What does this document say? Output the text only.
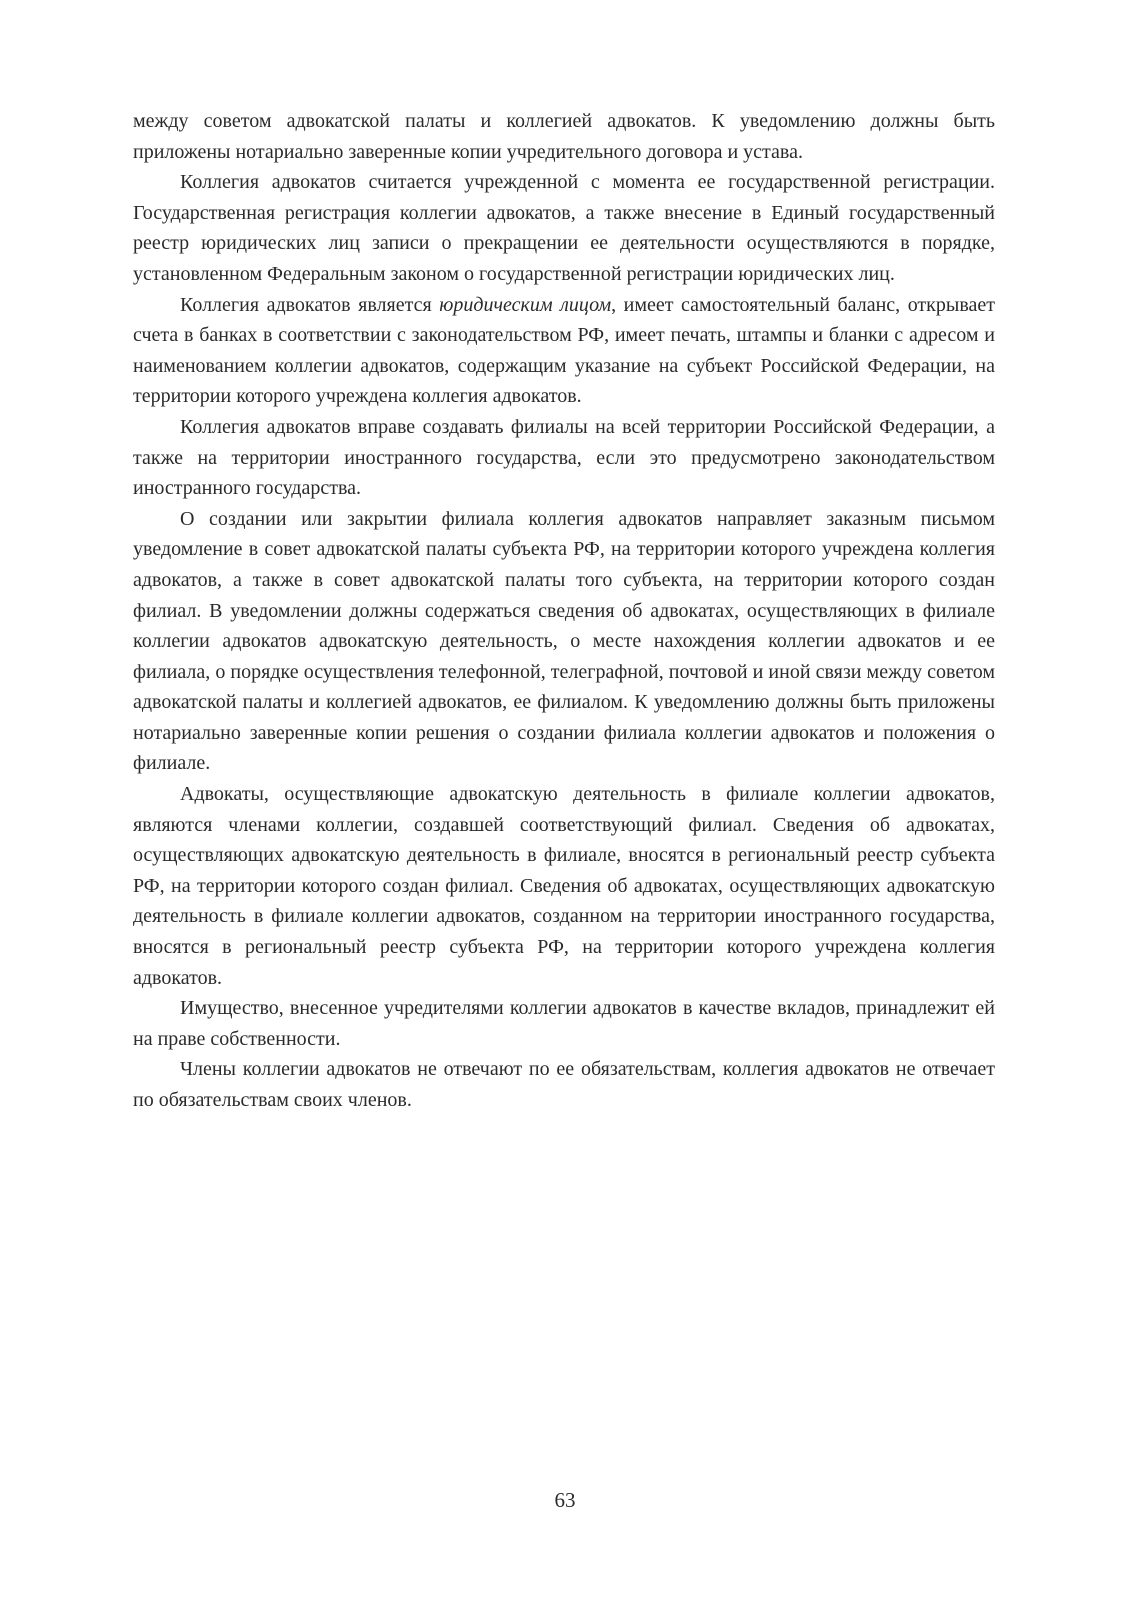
между советом адвокатской палаты и коллегией адвокатов. К уведомлению должны быть приложены нотариально заверенные копии учредительного договора и устава.

Коллегия адвокатов считается учрежденной с момента ее государственной регистрации. Государственная регистрация коллегии адвокатов, а также внесение в Единый государственный реестр юридических лиц записи о прекращении ее деятельности осуществляются в порядке, установленном Федеральным законом о государственной регистрации юридических лиц.

Коллегия адвокатов является юридическим лицом, имеет самостоятельный баланс, открывает счета в банках в соответствии с законодательством РФ, имеет печать, штампы и бланки с адресом и наименованием коллегии адвокатов, содержащим указание на субъект Российской Федерации, на территории которого учреждена коллегия адвокатов.

Коллегия адвокатов вправе создавать филиалы на всей территории Российской Федерации, а также на территории иностранного государства, если это предусмотрено законодательством иностранного государства.

О создании или закрытии филиала коллегия адвокатов направляет заказным письмом уведомление в совет адвокатской палаты субъекта РФ, на территории которого учреждена коллегия адвокатов, а также в совет адвокатской палаты того субъекта, на территории которого создан филиал. В уведомлении должны содержаться сведения об адвокатах, осуществляющих в филиале коллегии адвокатов адвокатскую деятельность, о месте нахождения коллегии адвокатов и ее филиала, о порядке осуществления телефонной, телеграфной, почтовой и иной связи между советом адвокатской палаты и коллегией адвокатов, ее филиалом. К уведомлению должны быть приложены нотариально заверенные копии решения о создании филиала коллегии адвокатов и положения о филиале.

Адвокаты, осуществляющие адвокатскую деятельность в филиале коллегии адвокатов, являются членами коллегии, создавшей соответствующий филиал. Сведения об адвокатах, осуществляющих адвокатскую деятельность в филиале, вносятся в региональный реестр субъекта РФ, на территории которого создан филиал. Сведения об адвокатах, осуществляющих адвокатскую деятельность в филиале коллегии адвокатов, созданном на территории иностранного государства, вносятся в региональный реестр субъекта РФ, на территории которого учреждена коллегия адвокатов.

Имущество, внесенное учредителями коллегии адвокатов в качестве вкладов, принадлежит ей на праве собственности.

Члены коллегии адвокатов не отвечают по ее обязательствам, коллегия адвокатов не отвечает по обязательствам своих членов.

63
